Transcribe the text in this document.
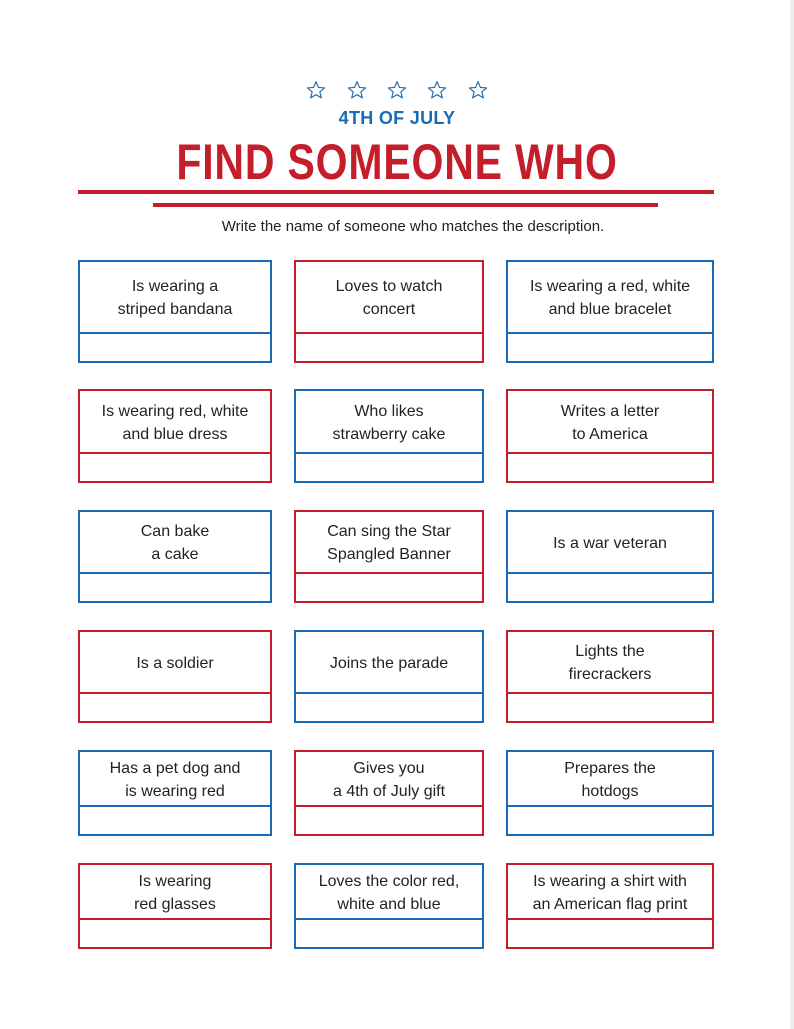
4TH OF JULY
FIND SOMEONE WHO
Write the name of someone who matches the description.
Is wearing a
striped bandana
Loves to watch
concert
Is wearing a red, white
and blue bracelet
Is wearing red, white
and blue dress
Who likes
strawberry cake
Writes a letter
to America
Can bake
a cake
Can sing the Star
Spangled Banner
Is a war veteran
Is a soldier	Joins the parade
Lights the
firecrackers
Has a pet dog and
is wearing red
Gives you
a 4th of July gift
Prepares the
hotdogs
Is wearing
red glasses
Loves the color red,
white and blue
Is wearing a shirt with
an American flag print
